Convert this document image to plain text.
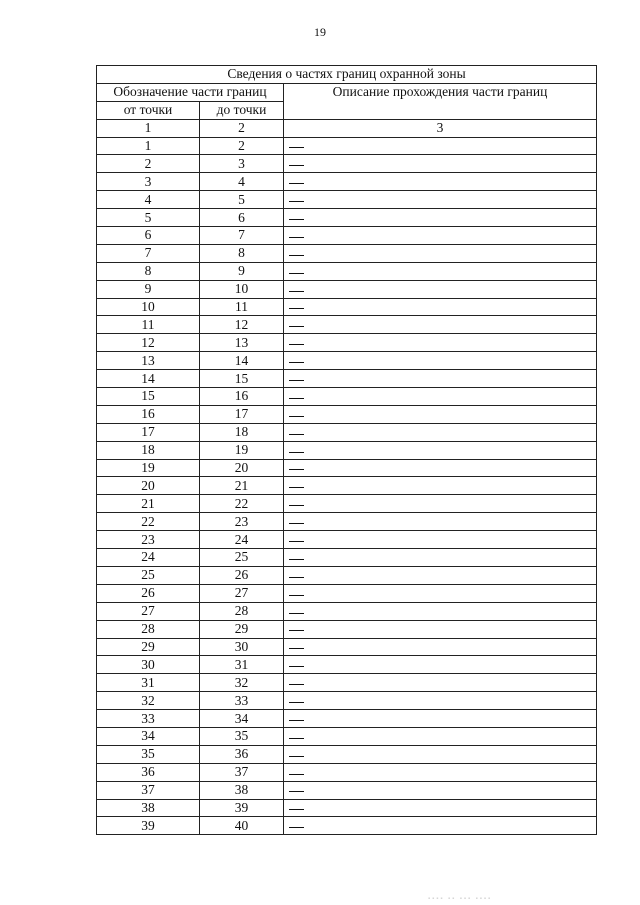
19
Сведения о частях границ охранной зоны		
Обозначение части границ		Описание прохождения части границ
от точки	до точки	
1	2	3
1	2	
2	3	
3	4	
4	5	
5	6	
6	7	
7	8	
8	9	
9	10	
10	11	
11	12	
12	13	
13	14	
14	15	
15	16	
16	17	
17	18	
18	19	
19	20	
20	21	
21	22	
22	23	
23	24	
24	25	
25	26	
26	27	
27	28	
28	29	
29	30	
30	31	
31	32	
32	33	
33	34	
34	35	
35	36	
36	37	
37	38	
38	39	
39	40	
▪▪▪▪ ▪▪ ▪▪▪ ▪▪▪▪
